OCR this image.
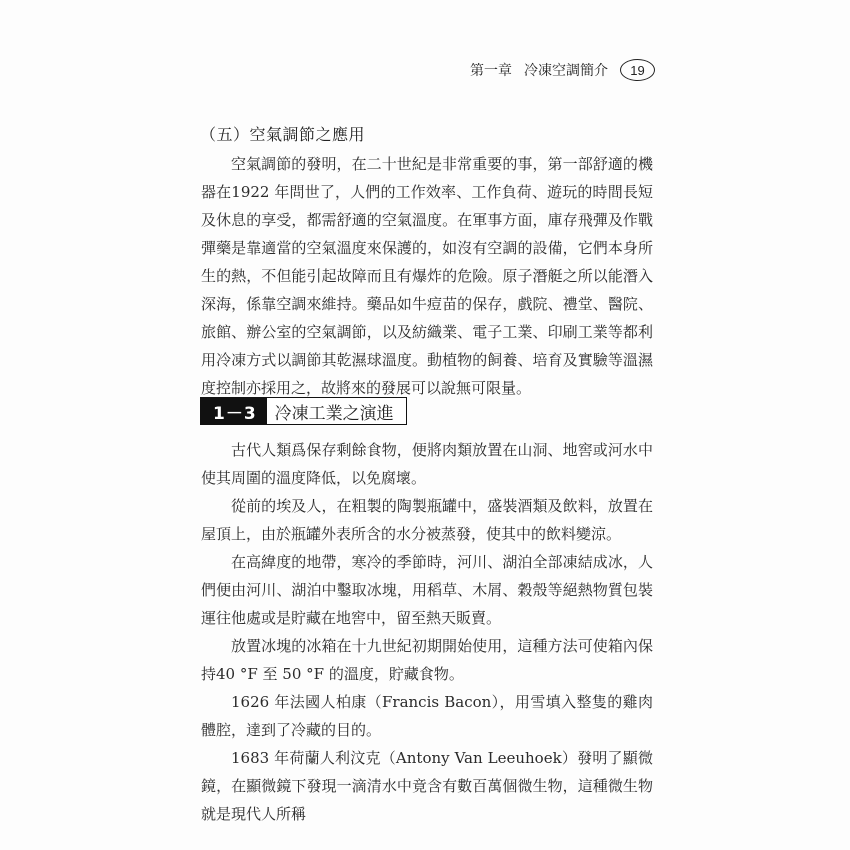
第一章 冷凍空調簡介	19
（五）空氣調節之應用

空氣調節的發明，在二十世紀是非常重要的事，第一部舒適的機器在1922 年問世了，人們的工作效率、工作負荷、遊玩的時間長短及休息的享受，都需舒適的空氣溫度。在軍事方面，庫存飛彈及作戰彈藥是靠適當的空氣溫度來保護的，如沒有空調的設備，它們本身所生的熱，不但能引起故障而且有爆炸的危險。原子潛艇之所以能潛入深海，係靠空調來維持。藥品如牛痘苗的保存，戲院、禮堂、醫院、旅館、辦公室的空氣調節，以及紡織業、電子工業、印刷工業等都利用冷凍方式以調節其乾濕球溫度。動植物的飼養、培育及實驗等溫濕度控制亦採用之，故將來的發展可以說無可限量。

1－3	冷凍工業之演進

古代人類爲保存剩餘食物，便將肉類放置在山洞、地窖或河水中使其周圍的溫度降低，以免腐壞。

從前的埃及人，在粗製的陶製瓶罐中，盛裝酒類及飲料，放置在屋頂上，由於瓶罐外表所含的水分被蒸發，使其中的飲料變涼。

在高緯度的地帶，寒冷的季節時，河川、湖泊全部凍結成冰，人們便由河川、湖泊中鑿取冰塊，用稻草、木屑、穀殼等絕熱物質包裝運往他處或是貯藏在地窖中，留至熱天販賣。

放置冰塊的冰箱在十九世紀初期開始使用，這種方法可使箱內保持40 °F 至 50 °F 的溫度，貯藏食物。

1626 年法國人柏康（Francis Bacon），用雪填入整隻的雞肉體腔，達到了冷藏的目的。

1683 年荷蘭人利汶克（Antony Van Leeuhoek）發明了顯微鏡，在顯微鏡下發現一滴清水中竟含有數百萬個微生物，這種微生物就是現代人所稱
